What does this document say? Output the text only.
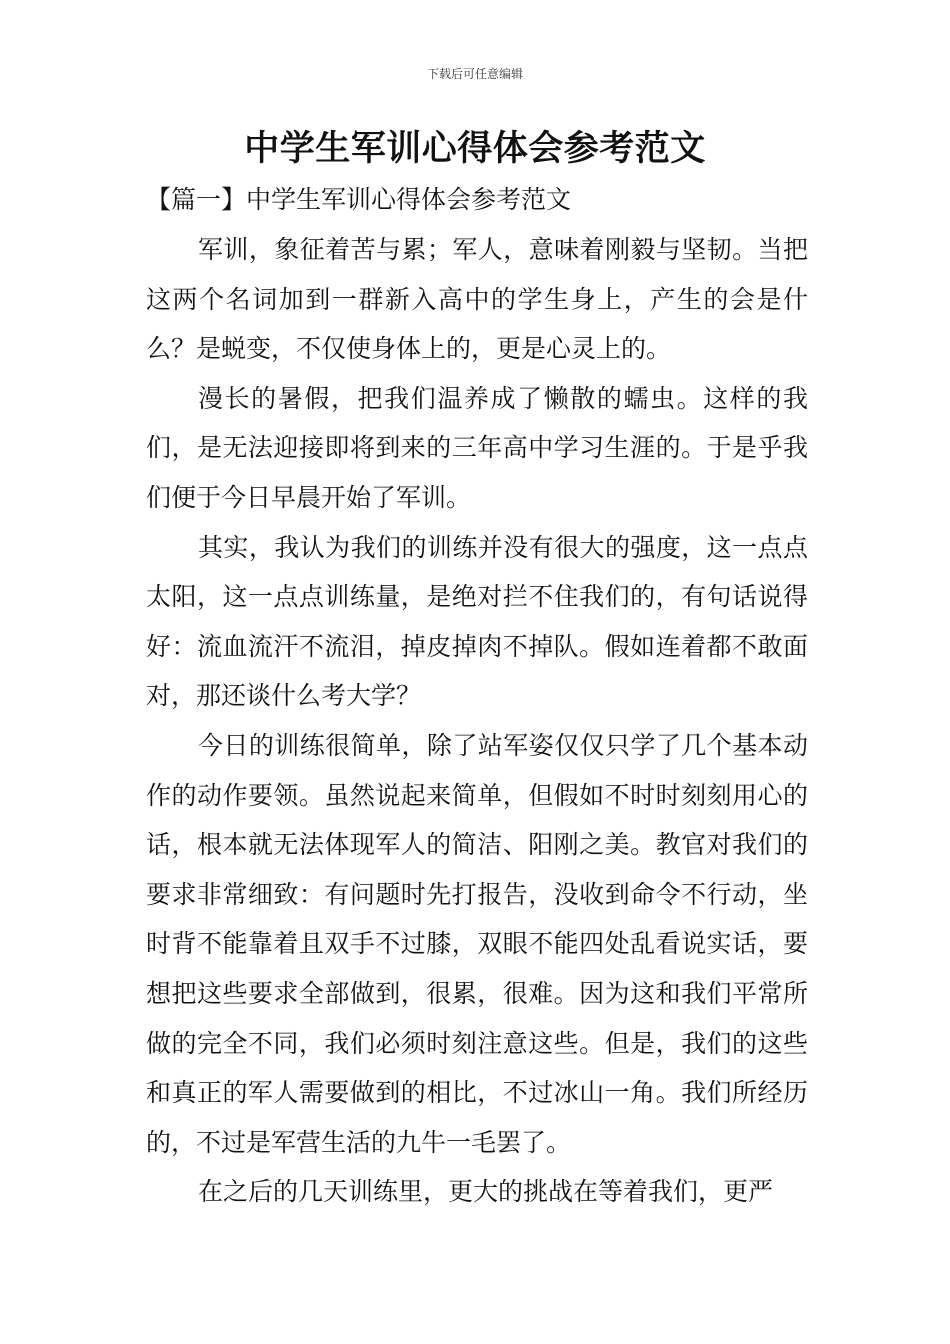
下载后可任意编辑
中学生军训心得体会参考范文
【篇一】中学生军训心得体会参考范文

军训，象征着苦与累；军人，意味着刚毅与坚韧。当把这两个名词加到一群新入高中的学生身上，产生的会是什么？是蜕变，不仅使身体上的，更是心灵上的。

漫长的暑假，把我们温养成了懒散的蠕虫。这样的我们，是无法迎接即将到来的三年高中学习生涯的。于是乎我们便于今日早晨开始了军训。

其实，我认为我们的训练并没有很大的强度，这一点点太阳，这一点点训练量，是绝对拦不住我们的，有句话说得好：流血流汗不流泪，掉皮掉肉不掉队。假如连着都不敢面对，那还谈什么考大学？

今日的训练很简单，除了站军姿仅仅只学了几个基本动作的动作要领。虽然说起来简单，但假如不时时刻刻用心的话，根本就无法体现军人的简洁、阳刚之美。教官对我们的要求非常细致：有问题时先打报告，没收到命令不行动，坐时背不能靠着且双手不过膝，双眼不能四处乱看说实话，要想把这些要求全部做到，很累，很难。因为这和我们平常所做的完全不同，我们必须时刻注意这些。但是，我们的这些和真正的军人需要做到的相比，不过冰山一角。我们所经历的，不过是军营生活的九牛一毛罢了。

在之后的几天训练里，更大的挑战在等着我们，更严
